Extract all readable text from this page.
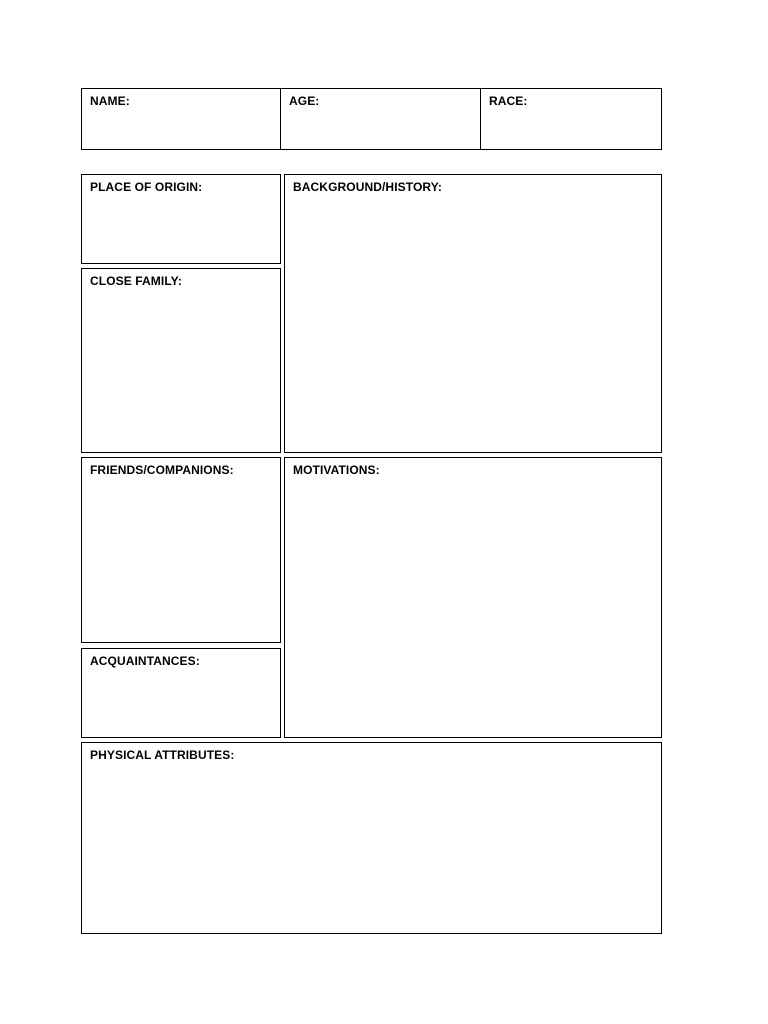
NAME:	AGE:	RACE:
PLACE OF ORIGIN:	BACKGROUND/HISTORY:
CLOSE FAMILY:
FRIENDS/COMPANIONS:	MOTIVATIONS:
ACQUAINTANCES:
PHYSICAL ATTRIBUTES:
